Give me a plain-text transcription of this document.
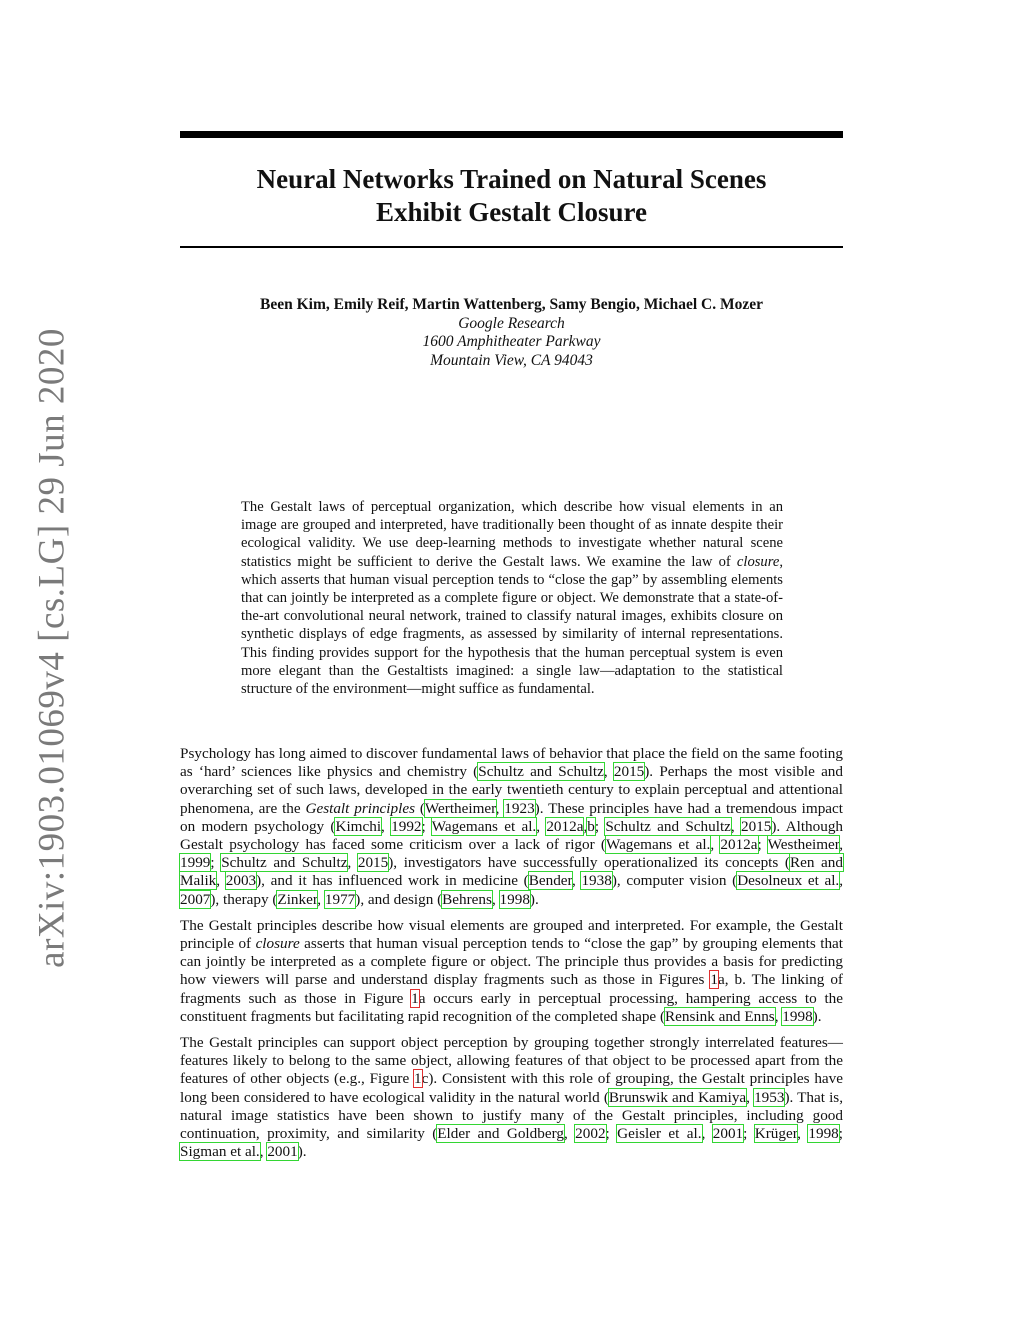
arXiv:1903.01069v4 [cs.LG] 29 Jun 2020
Neural Networks Trained on Natural Scenes
Exhibit Gestalt Closure
Been Kim, Emily Reif, Martin Wattenberg, Samy Bengio, Michael C. Mozer
Google Research
1600 Amphitheater Parkway
Mountain View, CA 94043

The Gestalt laws of perceptual organization, which describe how visual elements in an image are grouped and interpreted, have traditionally been thought of as innate despite their ecological validity. We use deep-learning methods to investigate whether natural scene statistics might be sufficient to derive the Gestalt laws. We examine the law of closure, which asserts that human visual perception tends to “close the gap” by assembling elements that can jointly be interpreted as a complete figure or object. We demonstrate that a state-of-the-art convolutional neural network, trained to classify natural images, exhibits closure on synthetic displays of edge fragments, as assessed by similarity of internal representations. This finding provides support for the hypothesis that the human perceptual system is even more elegant than the Gestaltists imagined: a single law—adaptation to the statistical structure of the environment—might suffice as fundamental.

Psychology has long aimed to discover fundamental laws of behavior that place the field on the same footing as ‘hard’ sciences like physics and chemistry (Schultz and Schultz, 2015). Perhaps the most visible and overarching set of such laws, developed in the early twentieth century to explain perceptual and attentional phenomena, are the Gestalt principles (Wertheimer, 1923). These principles have had a tremendous impact on modern psychology (Kimchi, 1992; Wagemans et al., 2012a,b; Schultz and Schultz, 2015). Although Gestalt psychology has faced some criticism over a lack of rigor (Wagemans et al., 2012a; Westheimer, 1999; Schultz and Schultz, 2015), investigators have successfully operationalized its concepts (Ren and Malik, 2003), and it has influenced work in medicine (Bender, 1938), computer vision (Desolneux et al., 2007), therapy (Zinker, 1977), and design (Behrens, 1998).

The Gestalt principles describe how visual elements are grouped and interpreted. For example, the Gestalt principle of closure asserts that human visual perception tends to “close the gap” by grouping elements that can jointly be interpreted as a complete figure or object. The principle thus provides a basis for predicting how viewers will parse and understand display fragments such as those in Figures 1a, b. The linking of fragments such as those in Figure 1a occurs early in perceptual processing, hampering access to the constituent fragments but facilitating rapid recognition of the completed shape (Rensink and Enns, 1998).

The Gestalt principles can support object perception by grouping together strongly interrelated features—features likely to belong to the same object, allowing features of that object to be processed apart from the features of other objects (e.g., Figure 1c). Consistent with this role of grouping, the Gestalt principles have long been considered to have ecological validity in the natural world (Brunswik and Kamiya, 1953). That is, natural image statistics have been shown to justify many of the Gestalt principles, including good continuation, proximity, and similarity (Elder and Goldberg, 2002; Geisler et al., 2001; Krüger, 1998; Sigman et al., 2001).
